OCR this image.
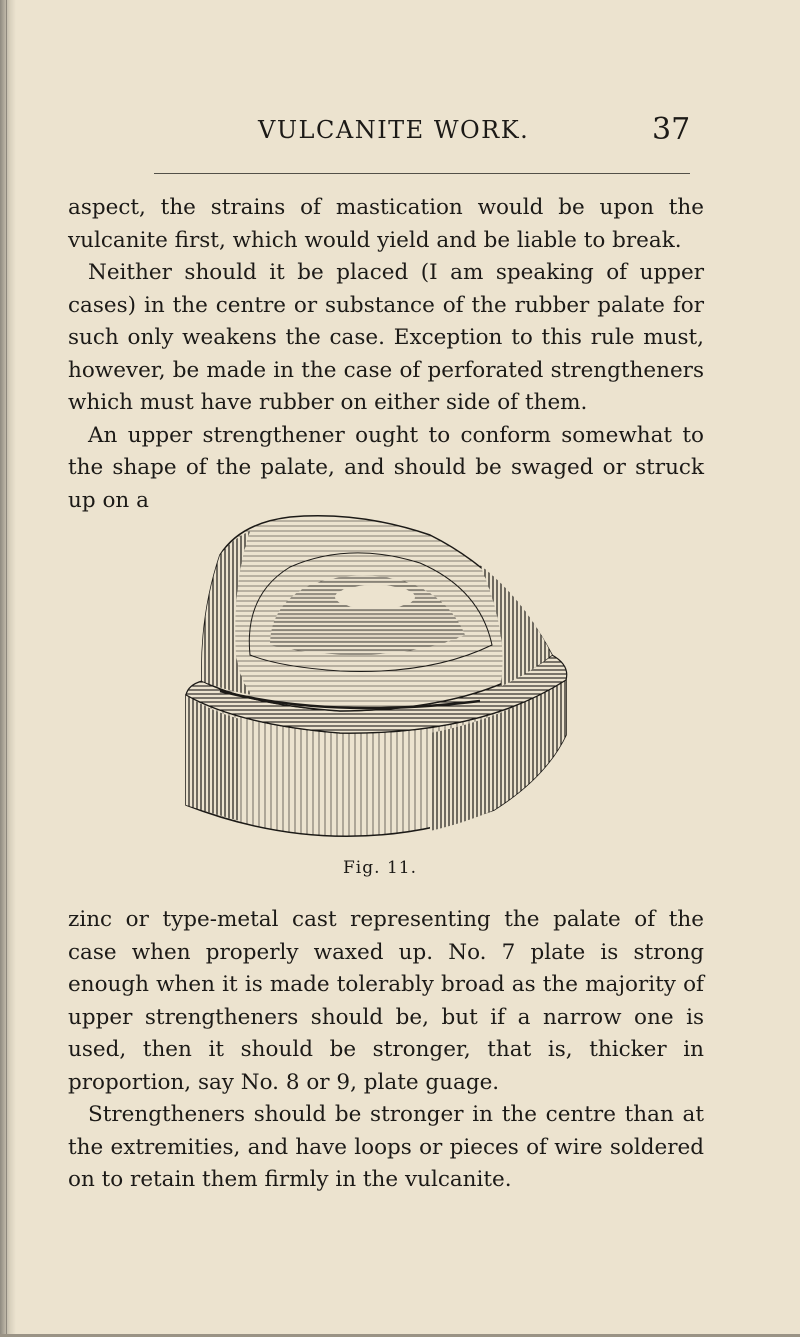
VULCANITE WORK.	37

aspect, the strains of mastication would be upon the vulcanite first, which would yield and be liable to break.

Neither should it be placed (I am speaking of upper cases) in the centre or substance of the rubber palate for such only weakens the case. Exception to this rule must, however, be made in the case of perforated strengtheners which must have rubber on either side of them.

An upper strengthener ought to conform somewhat to the shape of the palate, and should be swaged or struck up on a

Fig. 11.

zinc or type-metal cast representing the palate of the case when properly waxed up. No. 7 plate is strong enough when it is made tolerably broad as the majority of upper strengtheners should be, but if a narrow one is used, then it should be stronger, that is, thicker in proportion, say No. 8 or 9, plate guage.

Strengtheners should be stronger in the centre than at the extremities, and have loops or pieces of wire soldered on to retain them firmly in the vulcanite.
